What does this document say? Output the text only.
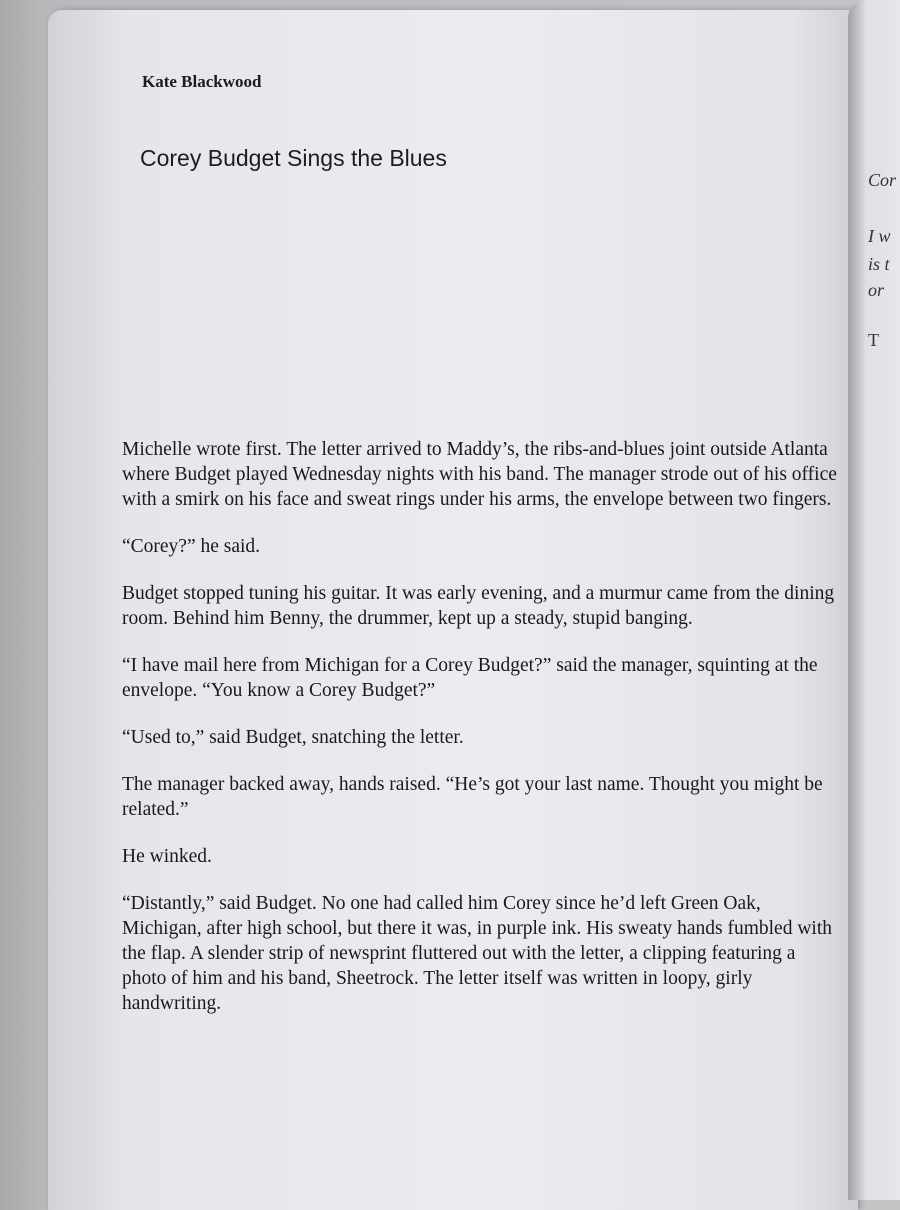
Cor
I w
is t
or
T
Kate Blackwood
Corey Budget Sings the Blues

Michelle wrote first. The letter arrived to Maddy’s, the ribs-and-blues joint outside Atlanta where Budget played Wednesday nights with his band. The manager strode out of his office with a smirk on his face and sweat rings under his arms, the envelope between two fingers.

“Corey?” he said.

Budget stopped tuning his guitar. It was early evening, and a murmur came from the dining room. Behind him Benny, the drummer, kept up a steady, stupid banging.

“I have mail here from Michigan for a Corey Budget?” said the manager, squinting at the envelope. “You know a Corey Budget?”

“Used to,” said Budget, snatching the letter.

The manager backed away, hands raised. “He’s got your last name. Thought you might be related.”

He winked.

“Distantly,” said Budget. No one had called him Corey since he’d left Green Oak, Michigan, after high school, but there it was, in purple ink. His sweaty hands fumbled with the flap. A slender strip of newsprint fluttered out with the letter, a clipping featuring a photo of him and his band, Sheetrock. The letter itself was written in loopy, girly handwriting.
